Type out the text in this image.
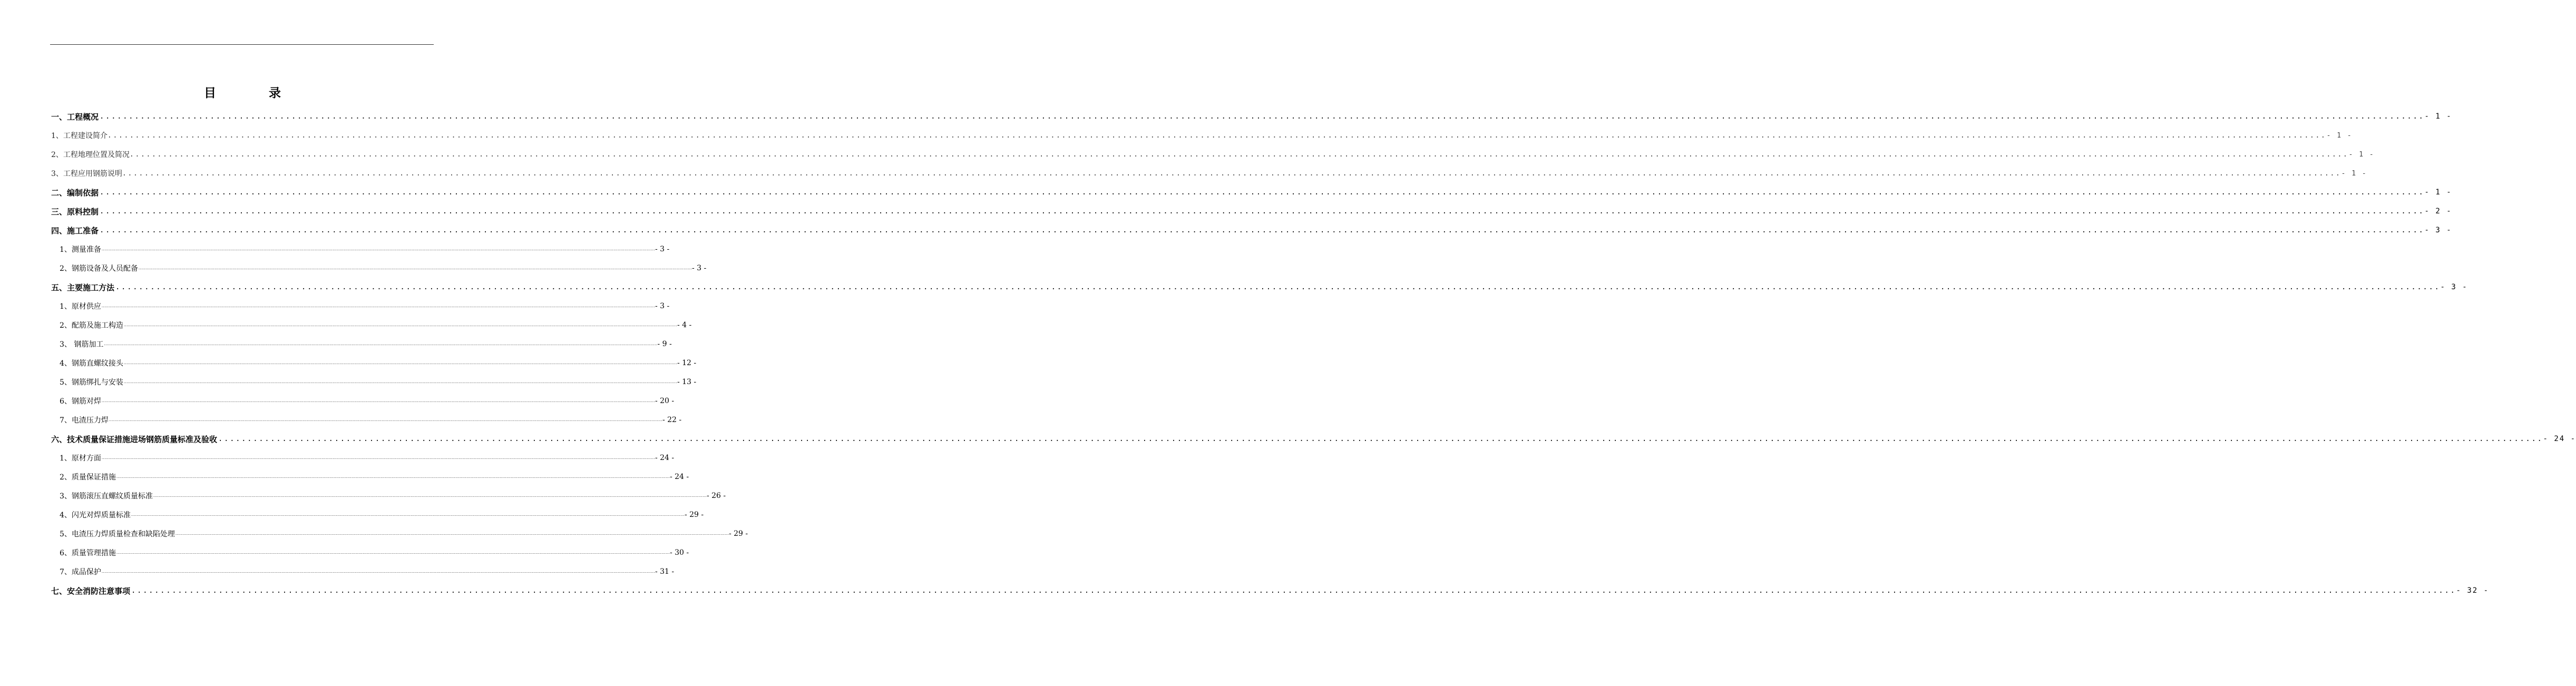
目 录
一、工程概况 ................................................................................................................................................................................................................................................................................................................................................................................................................ - 1 -
1、工程建设简介 ................................................................................................................................................................................................................................................................................................................................................................................................................ - 1 -
2、工程地理位置及简况 ................................................................................................................................................................................................................................................................................................................................................................................................................ - 1 -
3、工程应用钢筋说明 ................................................................................................................................................................................................................................................................................................................................................................................................................ - 1 -
二、编制依据 ................................................................................................................................................................................................................................................................................................................................................................................................................ - 1 -
三、原料控制 ................................................................................................................................................................................................................................................................................................................................................................................................................ - 2 -
四、施工准备 ................................................................................................................................................................................................................................................................................................................................................................................................................ - 3 -
1、测量准备 ................................................................................................................................................................................................................................................................................................................................................................................................................ - 3 -
2、钢筋设备及人员配备 ................................................................................................................................................................................................................................................................................................................................................................................................................ - 3 -
五、主要施工方法 ................................................................................................................................................................................................................................................................................................................................................................................................................ - 3 -
1、原材供应 ................................................................................................................................................................................................................................................................................................................................................................................................................ - 3 -
2、配筋及施工构造 ................................................................................................................................................................................................................................................................................................................................................................................................................ - 4 -
3、 钢筋加工 ................................................................................................................................................................................................................................................................................................................................................................................................................ - 9 -
4、钢筋直螺纹接头 ................................................................................................................................................................................................................................................................................................................................................................................................................ - 12 -
5、钢筋绑扎与安装 ................................................................................................................................................................................................................................................................................................................................................................................................................ - 13 -
6、钢筋对焊 ................................................................................................................................................................................................................................................................................................................................................................................................................ - 20 -
7、电渣压力焊 ................................................................................................................................................................................................................................................................................................................................................................................................................ - 22 -
六、技术质量保证措施进场钢筋质量标准及验收 ................................................................................................................................................................................................................................................................................................................................................................................................................ - 24 -
1、原材方面 ................................................................................................................................................................................................................................................................................................................................................................................................................ - 24 -
2、质量保证措施 ................................................................................................................................................................................................................................................................................................................................................................................................................ - 24 -
3、钢筋滚压直螺纹质量标准 ................................................................................................................................................................................................................................................................................................................................................................................................................ - 26 -
4、闪光对焊质量标准 ................................................................................................................................................................................................................................................................................................................................................................................................................ - 29 -
5、电渣压力焊质量检查和缺陷处理 ................................................................................................................................................................................................................................................................................................................................................................................................................ - 29 -
6、质量管理措施 ................................................................................................................................................................................................................................................................................................................................................................................................................ - 30 -
7、成品保护 ................................................................................................................................................................................................................................................................................................................................................................................................................ - 31 -
七、安全消防注意事项 ................................................................................................................................................................................................................................................................................................................................................................................................................ - 32 -
